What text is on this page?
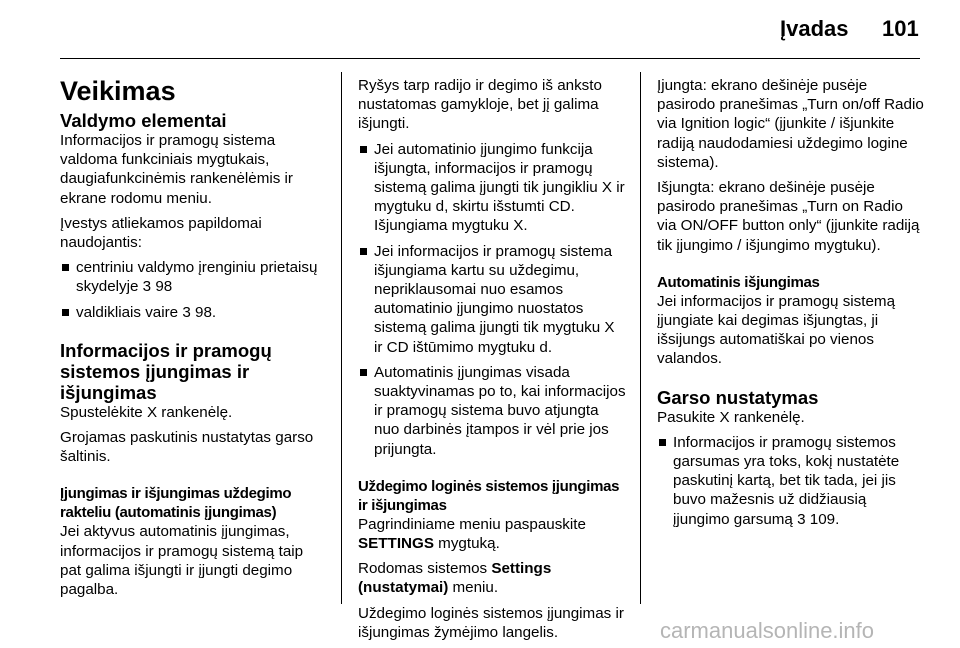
Įvadas 101
Veikimas
Valdymo elementai

Informacijos ir pramogų sistema valdoma funkciniais mygtukais, daugiafunkcinėmis rankenėlėmis ir ekrane rodomu meniu.

Įvestys atliekamos papildomai naudojantis:

centriniu valdymo įrenginiu prietaisų skydelyje 3 98
valdikliais vaire 3 98.
Informacijos ir pramogų sistemos įjungimas ir išjungimas

Spustelėkite X rankenėlę.

Grojamas paskutinis nustatytas garso šaltinis.

Įjungimas ir išjungimas uždegimo rakteliu (automatinis įjungimas)

Jei aktyvus automatinis įjungimas, informacijos ir pramogų sistemą taip pat galima išjungti ir įjungti degimo pagalba.

Ryšys tarp radijo ir degimo iš anksto nustatomas gamykloje, bet jį galima išjungti.

Jei automatinio įjungimo funkcija išjungta, informacijos ir pramogų sistemą galima įjungti tik jungikliu X ir mygtuku d, skirtu išstumti CD. Išjungiama mygtuku X.
Jei informacijos ir pramogų sistema išjungiama kartu su uždegimu, nepriklausomai nuo esamos automatinio įjungimo nuostatos sistemą galima įjungti tik mygtuku X ir CD ištūmimo mygtuku d.
Automatinis įjungimas visada suaktyvinamas po to, kai informacijos ir pramogų sistema buvo atjungta nuo darbinės įtampos ir vėl prie jos prijungta.
Uždegimo loginės sistemos įjungimas ir išjungimas

Pagrindiniame meniu paspauskite SETTINGS mygtuką.

Rodomas sistemos Settings (nustatymai) meniu.

Uždegimo loginės sistemos įjungimas ir išjungimas žymėjimo langelis.

Įjungta: ekrano dešinėje pusėje pasirodo pranešimas „Turn on/off Radio via Ignition logic“ (įjunkite / išjunkite radiją naudodamiesi uždegimo logine sistema).

Išjungta: ekrano dešinėje pusėje pasirodo pranešimas „Turn on Radio via ON/OFF button only“ (įjunkite radiją tik įjungimo / išjungimo mygtuku).

Automatinis išjungimas

Jei informacijos ir pramogų sistemą įjungiate kai degimas išjungtas, ji išsijungs automatiškai po vienos valandos.

Garso nustatymas

Pasukite X rankenėlę.

Informacijos ir pramogų sistemos garsumas yra toks, kokį nustatėte paskutinį kartą, bet tik tada, jei jis buvo mažesnis už didžiausią įjungimo garsumą 3 109.
carmanualsonline.info
